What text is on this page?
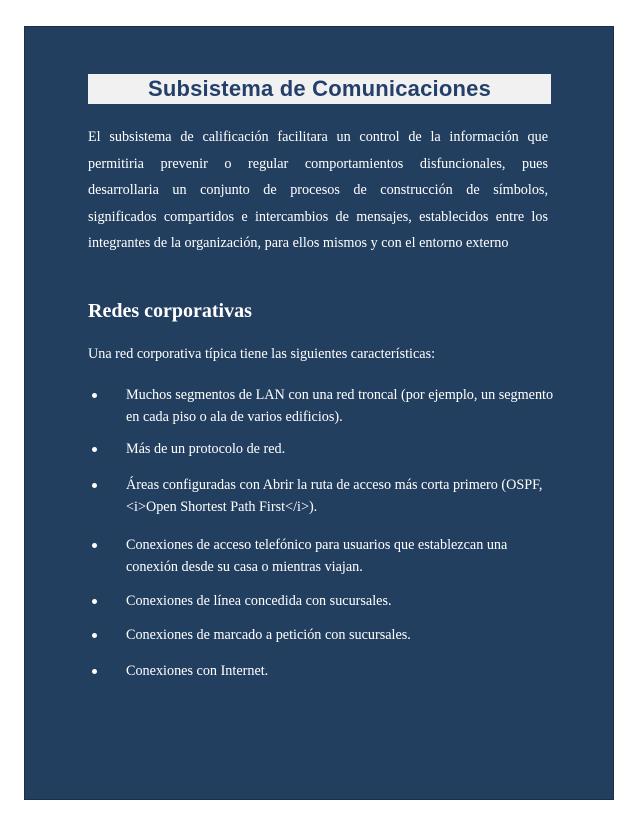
Subsistema de Comunicaciones
El subsistema de calificación facilitara un control de la información que
permitiria prevenir o regular comportamientos disfuncionales, pues
desarrollaria un conjunto de procesos de construcción de símbolos,
significados compartidos e intercambios de mensajes, establecidos entre los
integrantes de la organización, para ellos mismos y con el entorno externo
Redes corporativas
Una red corporativa típica tiene las siguientes características:
Muchos segmentos de LAN con una red troncal (por ejemplo, un segmento en cada piso o ala de varios edificios).
Más de un protocolo de red.
Áreas configuradas con Abrir la ruta de acceso más corta primero (OSPF, <i>Open Shortest Path First</i>).
Conexiones de acceso telefónico para usuarios que establezcan una conexión desde su casa o mientras viajan.
Conexiones de línea concedida con sucursales.
Conexiones de marcado a petición con sucursales.
Conexiones con Internet.
